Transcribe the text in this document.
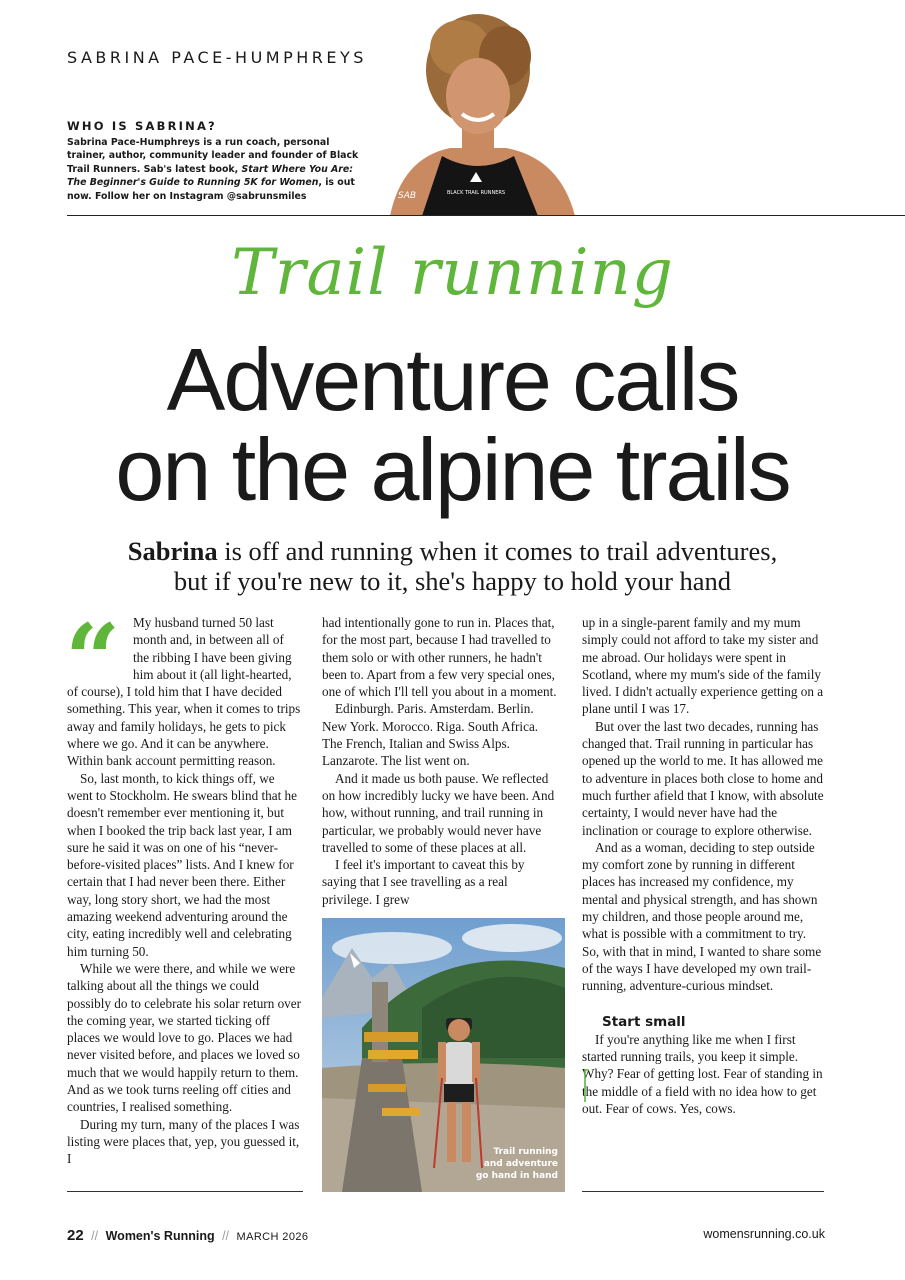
SABRINA PACE-HUMPHREYS
WHO IS SABRINA?
Sabrina Pace-Humphreys is a run coach, personal trainer, author, community leader and founder of Black Trail Runners. Sab's latest book, Start Where You Are: The Beginner's Guide to Running 5K for Women, is out now. Follow her on Instagram @sabrunsmiles	SAB	BLACK TRAIL RUNNERS
Trail running
Adventure calls
on the alpine trails
Sabrina is off and running when it comes to trail adventures,
but if you're new to it, she's happy to hold your hand
“ My husband turned 50 last month and, in between all of the ribbing I have been giving him about it (all light-hearted, of course), I told him that I have decided something. This year, when it comes to trips away and family holidays, he gets to pick where we go. And it can be anywhere. Within bank account permitting reason.

So, last month, to kick things off, we went to Stockholm. He swears blind that he doesn't remember ever mentioning it, but when I booked the trip back last year, I am sure he said it was on one of his “never-before-visited places” lists. And I knew for certain that I had never been there. Either way, long story short, we had the most amazing weekend adventuring around the city, eating incredibly well and celebrating him turning 50.

While we were there, and while we were talking about all the things we could possibly do to celebrate his solar return over the coming year, we started ticking off places we would love to go. Places we had never visited before, and places we loved so much that we would happily return to them. And as we took turns reeling off cities and countries, I realised something.

During my turn, many of the places I was listing were places that, yep, you guessed it, I

had intentionally gone to run in. Places that, for the most part, because I had travelled to them solo or with other runners, he hadn't been to. Apart from a few very special ones, one of which I'll tell you about in a moment.

Edinburgh. Paris. Amsterdam. Berlin. New York. Morocco. Riga. South Africa. The French, Italian and Swiss Alps. Lanzarote. The list went on.

And it made us both pause. We reflected on how incredibly lucky we have been. And how, without running, and trail running in particular, we probably would never have travelled to some of these places at all.

I feel it's important to caveat this by saying that I see travelling as a real privilege. I grew

Trail running
and adventure
go hand in hand

up in a single-parent family and my mum simply could not afford to take my sister and me abroad. Our holidays were spent in Scotland, where my mum's side of the family lived. I didn't actually experience getting on a plane until I was 17.

But over the last two decades, running has changed that. Trail running in particular has opened up the world to me. It has allowed me to adventure in places both close to home and much further afield that I know, with absolute certainty, I would never have had the inclination or courage to explore otherwise.

And as a woman, deciding to step outside my comfort zone by running in different places has increased my confidence, my mental and physical strength, and has shown my children, and those people around me, what is possible with a commitment to try. So, with that in mind, I wanted to share some of the ways I have developed my own trail-running, adventure-curious mindset.

Start small

If you're anything like me when I first started running trails, you keep it simple. Why? Fear of getting lost. Fear of standing in the middle of a field with no idea how to get out. Fear of cows. Yes, cows.

22 // Women's Running // MARCH 2026	womensrunning.co.uk
